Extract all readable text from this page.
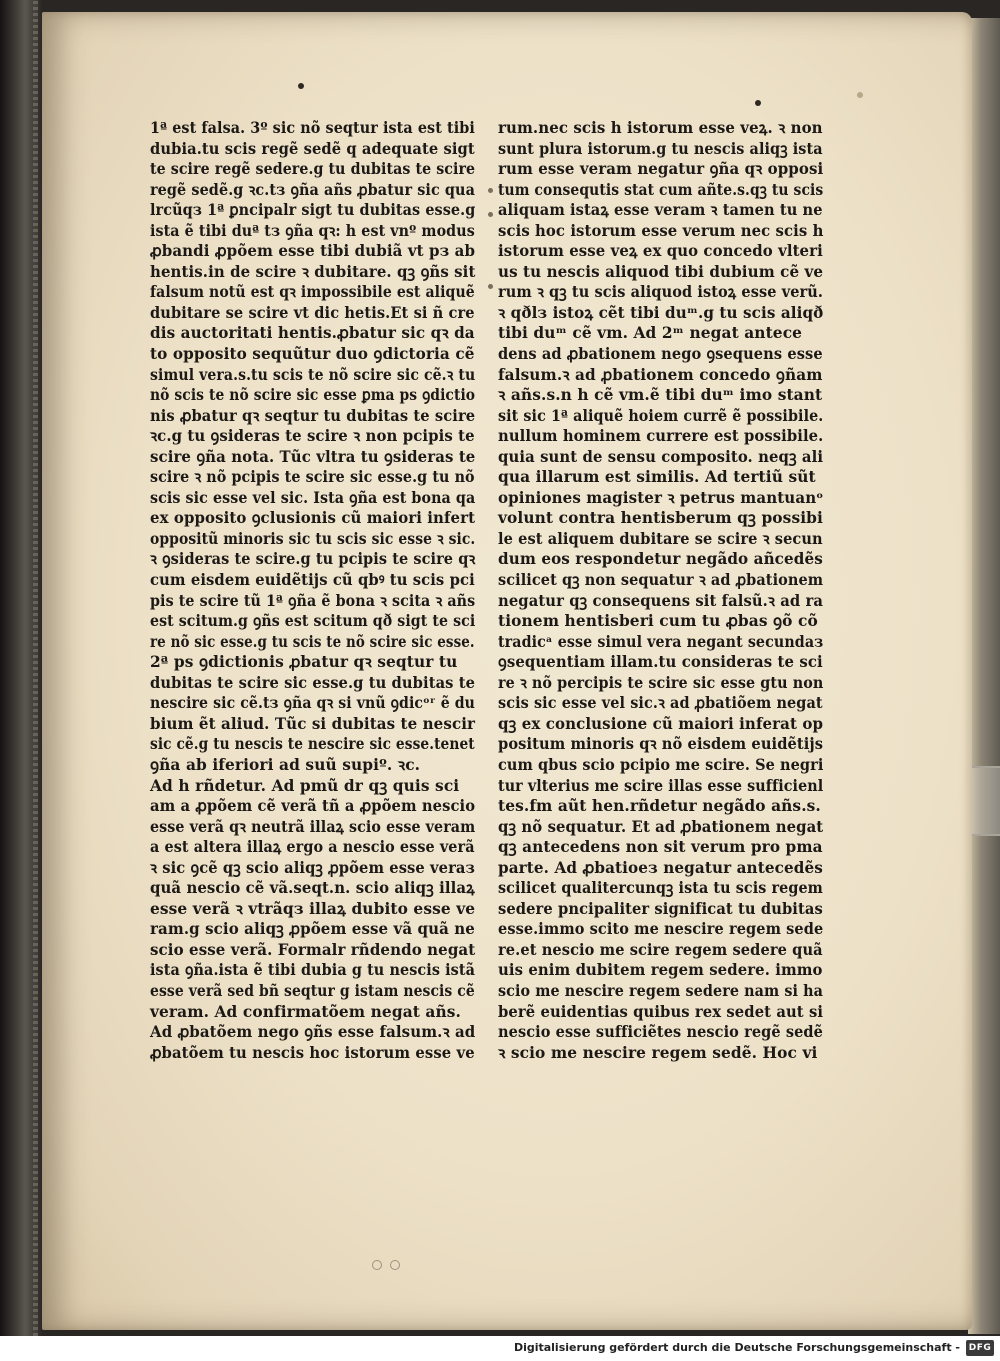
1ª est falsa. 3º sic nõ seqtur ista est tibi
dubia.tu scis regẽ sedẽ q adequate sigt
te scire regẽ sedere.g tu dubitas te scire
regẽ sedẽ.g ꝛc.tз ꝯña añs ꝓbatur sic qua
lrcũqз 1ª ꝑncipalr sigt tu dubitas esse.g
ista ẽ tibi duª tз ꝯña qꝛ: h est vnº modus
ꝓbandi ꝓpõem esse tibi dubiã vt pз ab
hentis.in de scire ꝛ dubitare. qꝫ ꝯñs sit
falsum notũ est qꝛ impossibile est aliquẽ
dubitare se scire vt dic hetis.Et si ñ cre
dis auctoritati hentis.ꝓbatur sic qꝛ da
to opposito sequũtur duo ꝯdictoria cẽ
simul vera.s.tu scis te nõ scire sic cẽ.ꝛ tu
nõ scis te nõ scire sic esse ꝑma ps ꝯdictio
nis ꝓbatur qꝛ seqtur tu dubitas te scire
ꝛc.g tu ꝯsideras te scire ꝛ non pcipis te
scire ꝯña nota. Tũc vltra tu ꝯsideras te
scire ꝛ nõ pcipis te scire sic esse.g tu nõ
scis sic esse vel sic. Ista ꝯña est bona qa
ex opposito ꝯclusionis cũ maiori infert
oppositũ minoris sic tu scis sic esse ꝛ sic.
ꝛ ꝯsideras te scire.g tu pcipis te scire qꝛ
cum eisdem euidẽtijs cũ qbꝰ tu scis pci
pis te scire tũ 1ª ꝯña ẽ bona ꝛ scita ꝛ añs
est scitum.g ꝯñs est scitum qð sigt te sci
re nõ sic esse.g tu scis te nõ scire sic esse.
2ª ps ꝯdictionis ꝓbatur qꝛ seqtur tu
dubitas te scire sic esse.g tu dubitas te
nescire sic cẽ.tз ꝯña qꝛ si vnũ ꝯdicᵒʳ ẽ du
bium ẽt aliud. Tũc si dubitas te nescir
sic cẽ.g tu nescis te nescire sic esse.tenet
ꝯña ab iferiori ad suũ supiº. ꝛc.
Ad h rñdetur. Ad pmũ dr qꝫ quis sci
am a ꝓpõem cẽ verã tñ a ꝓpõem nescio
esse verã qꝛ neutrã illaꝝ scio esse veram
a est altera illaꝝ ergo a nescio esse verã
ꝛ sic ꝯcẽ qꝫ scio aliqꝫ ꝓpõem esse veraз
quã nescio cẽ vã.seqt.n. scio aliqꝫ illaꝝ
esse verã ꝛ vtrãqз illaꝝ dubito esse ve
ram.g scio aliqꝫ ꝓpõem esse vã quã ne
scio esse verã. Formalr rñdendo negat
ista ꝯña.ista ẽ tibi dubia g tu nescis istã
esse verã sed bñ seqtur g istam nescis cẽ
veram. Ad confirmatõem negat añs.
Ad ꝓbatõem nego ꝯñs esse falsum.ꝛ ad
ꝓbatõem tu nescis hoc istorum esse ve
rum.nec scis h istorum esse veꝝ. ꝛ non
sunt plura istorum.g tu nescis aliqꝫ ista
rum esse veram negatur ꝯña qꝛ opposi
tum consequtis stat cum añte.s.qꝫ tu scis
aliquam istaꝝ esse veram ꝛ tamen tu ne
scis hoc istorum esse verum nec scis h
istorum esse veꝝ ex quo concedo vlteri
us tu nescis aliquod tibi dubium cẽ ve
rum ꝛ qꝫ tu scis aliquod istoꝝ esse verũ.
ꝛ qðlз istoꝝ cẽt tibi duᵐ.g tu scis aliqð
tibi duᵐ cẽ vm. Ad 2ᵐ negat antece
dens ad ꝓbationem nego ꝯsequens esse
falsum.ꝛ ad ꝓbationem concedo ꝯñam
ꝛ añs.s.n h cẽ vm.ẽ tibi duᵐ imo stant
sit sic 1ª aliquẽ hoiem currẽ ẽ possibile.
nullum hominem currere est possibile.
quia sunt de sensu composito. neqꝫ ali
qua illarum est similis. Ad tertiũ sũt
opiniones magister ꝛ petrus mantuanᵒ
volunt contra hentisberum qꝫ possibi
le est aliquem dubitare se scire ꝛ secun
dum eos respondetur negãdo añcedẽs
scilicet qꝫ non sequatur ꝛ ad ꝓbationem
negatur qꝫ consequens sit falsũ.ꝛ ad ra
tionem hentisberi cum tu ꝓbas ꝯõ cõ
tradicᵃ esse simul vera negant secundaз
ꝯsequentiam illam.tu consideras te sci
re ꝛ nõ percipis te scire sic esse gtu non
scis sic esse vel sic.ꝛ ad ꝓbatiõem negat
qꝫ ex conclusione cũ maiori inferat op
positum minoris qꝛ nõ eisdem euidẽtijs
cum qbus scio pcipio me scire. Se negri
tur vlterius me scire illas esse sufficienl
tes.fm aũt hen.rñdetur negãdo añs.s.
qꝫ nõ sequatur. Et ad ꝓbationem negat
qꝫ antecedens non sit verum pro pma
parte. Ad ꝓbatioeз negatur antecedẽs
scilicet qualitercunqꝫ ista tu scis regem
sedere pncipaliter significat tu dubitas
esse.immo scito me nescire regem sede
re.et nescio me scire regem sedere quã
uis enim dubitem regem sedere. immo
scio me nescire regem sedere nam si ha
berẽ euidentias quibus rex sedet aut si
nescio esse sufficiẽtes nescio regẽ sedẽ
ꝛ scio me nescire regem sedẽ. Hoc vi
Digitalisierung gefördert durch die Deutsche Forschungsgemeinschaft - DFG
